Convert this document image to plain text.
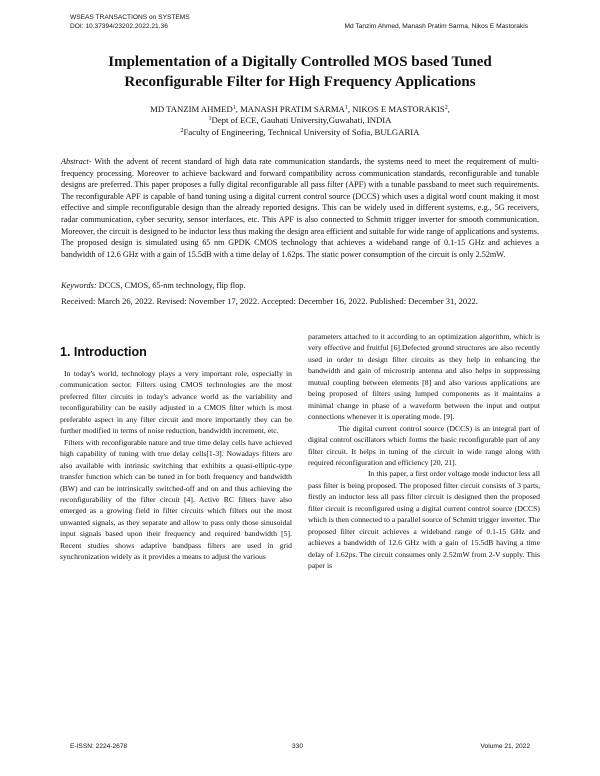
WSEAS TRANSACTIONS on SYSTEMS
DOI: 10.37394/23202.2022.21.36	Md Tanzim Ahmed, Manash Pratim Sarma, Nikos E Mastorakis
Implementation of a Digitally Controlled MOS based Tuned
Reconfigurable Filter for High Frequency Applications
MD TANZIM AHMED$^1$, MANASH PRATIM SARMA$^1$, NIKOS E MASTORAKIS$^2$,
$^1$Dept of ECE, Gauhati University,Guwahati, INDIA
$^2$Faculty of Engineering, Technical University of Sofia, BULGARIA
Abstract- With the advent of recent standard of high data rate communication standards, the systems need to meet the requirement of multi-frequency processing. Moreover to achieve backward and forward compatibility across communication standards, reconfigurable and tunable designs are preferred. This paper proposes a fully digital reconfigurable all pass filter (APF) with a tunable passband to meet such requirements. The reconfigurable APF is capable of band tuning using a digital current control source (DCCS) which uses a digital word count making it most effective and simple reconfigurable design than the already reported designs. This can be widely used in different systems, e.g., 5G receivers, radar communication, cyber security, sensor interfaces, etc. This APF is also connected to Schmitt trigger inverter for smooth communication. Moreover, the circuit is designed to be inductor less thus making the design area efficient and suitable for wide range of applications and systems. The proposed design is simulated using 65 nm GPDK CMOS technology that achieves a wideband range of 0.1-15 GHz and achieves a bandwidth of 12.6 GHz with a gain of 15.5dB with a time delay of 1.62ps. The static power consumption of the circuit is only 2.52mW.
Keywords: DCCS, CMOS, 65-nm technology, flip flop.
Received: March 26, 2022. Revised: November 17, 2022. Accepted: December 16, 2022. Published: December 31, 2022.

1. Introduction

In today's world, technology plays a very important role, especially in communication sector. Filters using CMOS technologies are the most preferred filter circuits in today's advance world as the variability and reconfigurability can be easily adjusted in a CMOS filter which is most preferable aspect in any filter circuit and more importantly they can be further modified in terms of noise reduction, bandwidth increment, etc.

Filters with reconfigurable nature and true time delay cells have achieved high capability of tuning with true delay cells[1-3]. Nowadays filters are also available with intrinsic switching that exhibits a quasi-elliptic-type transfer function which can be tuned in for both frequency and bandwidth (BW) and can be intrinsically switched-off and on and thus achieving the reconfigurability of the filter circuit [4]. Active RC filters have also emerged as a growing field in filter circuits which filters out the most unwanted signals, as they separate and allow to pass only those sinusoidal input signals based upon their frequency and required bandwidth [5]. Recent studies shows adaptive bandpass filters are used in grid synchronization widely as it provides a means to adjust the various

parameters attached to it according to an optimization algorithm, which is very effective and fruitful [6].Defected ground structures are also recently used in order to design filter circuits as they help in enhancing the bandwidth and gain of microstrip antenna and also helps in suppressing mutual coupling between elements [8] and also various applications are being proposed of filters using lumped components as it maintains a minimal change in phase of a waveform between the input and output connections whenever it is operating mode. [9].

The digital current control source (DCCS) is an integral part of digital control oscillators which forms the basic reconfigurable part of any filter circuit. It helps in tuning of the circuit in wide range along with required reconfiguration and efficiency [20, 21].

In this paper, a first order voltage mode inductor less all pass filter is being proposed. The proposed filter circuit consists of 3 parts, firstly an inductor less all pass filter circuit is designed then the proposed filter circuit is reconfigured using a digital current control source (DCCS) which is then connected to a parallel source of Schmitt trigger inverter. The proposed filter circuit achieves a wideband range of 0.1-15 GHz and achieves a bandwidth of 12.6 GHz with a gain of 15.5dB having a time delay of 1.62ps. The circuit consumes only 2.52mW from 2-V supply. This paper is

E-ISSN: 2224-2678	330	Volume 21, 2022
